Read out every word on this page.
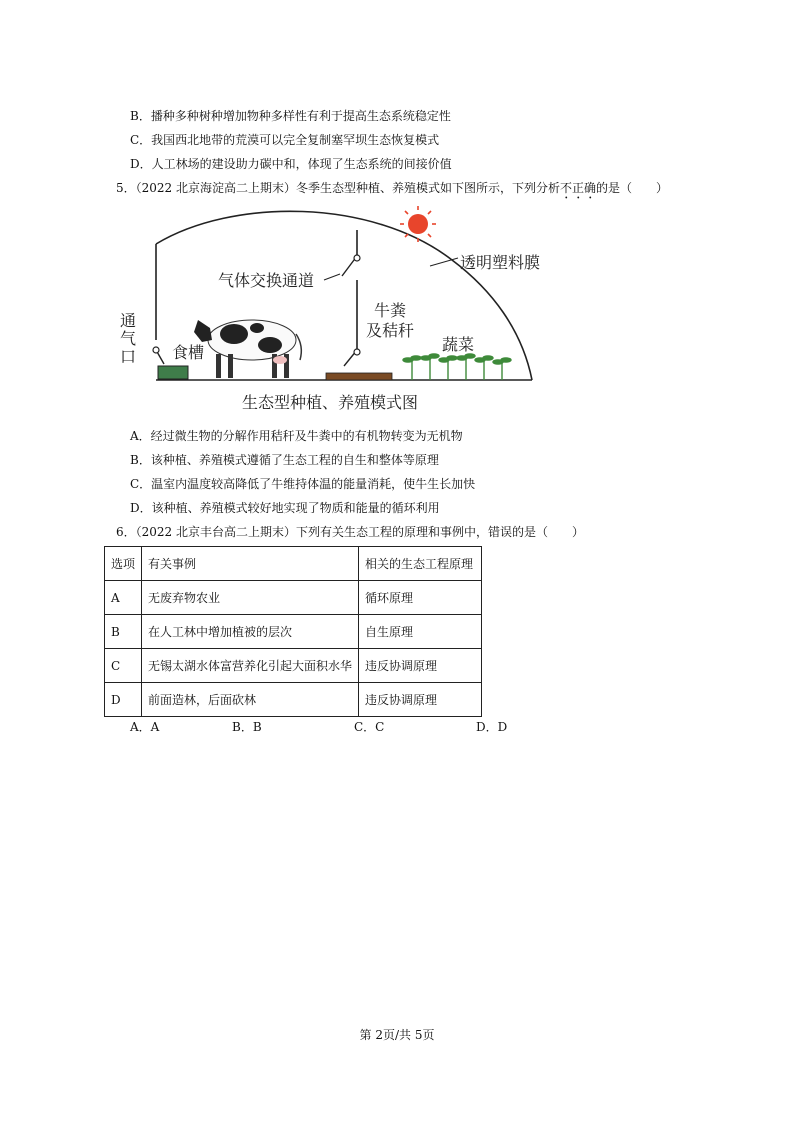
B．播种多种树种增加物种多样性有利于提高生态系统稳定性
C．我国西北地带的荒漠可以完全复制塞罕坝生态恢复模式
D．人工林场的建设助力碳中和，体现了生态系统的间接价值
5．（2022 北京海淀高二上期末）冬季生态型种植、养殖模式如下图所示，下列分析不正确的是（　　）
透明塑料膜
气体交换通道
通
气
口 食槽
牛粪
及秸秆
蔬菜
生态型种植、养殖模式图
A．经过微生物的分解作用秸秆及牛粪中的有机物转变为无机物
B．该种植、养殖模式遵循了生态工程的自生和整体等原理
C．温室内温度较高降低了牛维持体温的能量消耗，使牛生长加快
D．该种植、养殖模式较好地实现了物质和能量的循环利用
6．（2022 北京丰台高二上期末）下列有关生态工程的原理和事例中，错误的是（　　）
选项	有关事例	相关的生态工程原理
A	无废弃物农业	循环原理
B	在人工林中增加植被的层次	自生原理
C	无锡太湖水体富营养化引起大面积水华	违反协调原理
D	前面造林，后面砍林	违反协调原理
A．A	B．B	C．C	D．D
第 2页/共 5页
